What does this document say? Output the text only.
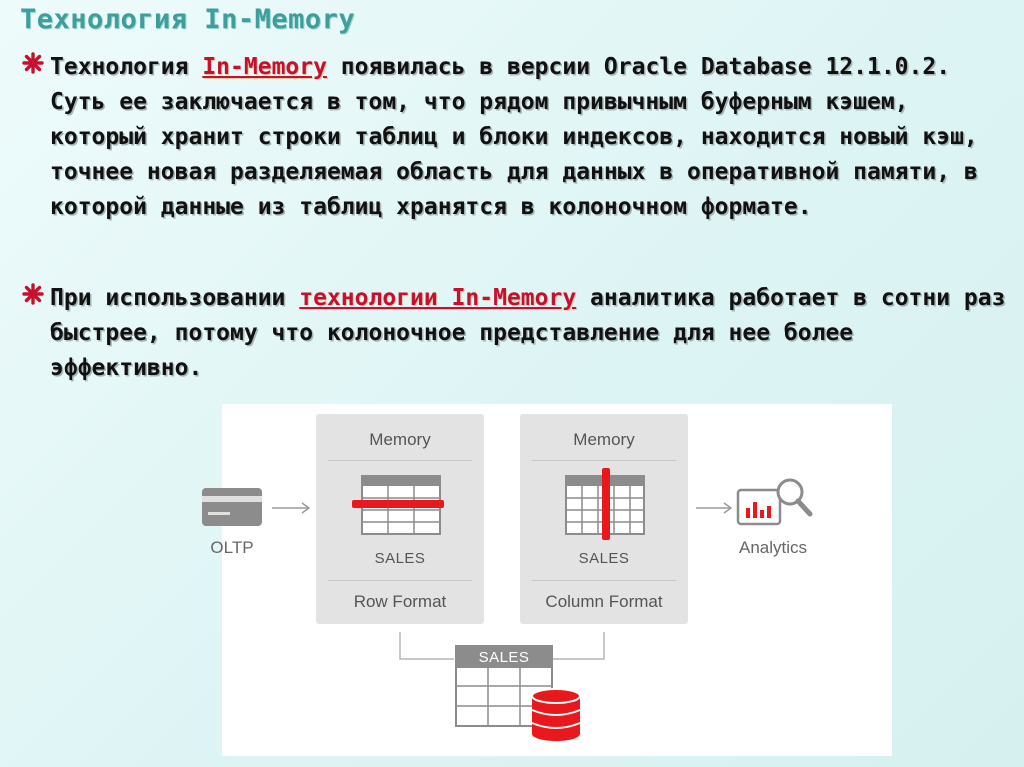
Технология In-Memory

Технология In-Memory появилась в версии Oracle Database 12.1.0.2. Суть ее заключается в том, что рядом привычным буферным кэшем, который хранит строки таблиц и блоки индексов, находится новый кэш, точнее новая разделяемая область для данных в оперативной памяти, в которой данные из таблиц хранятся в колоночном формате.

При использовании технологии In-Memory аналитика работает в сотни раз быстрее, потому что колоночное представление для нее более эффективно.

OLTP
Memory
SALES
Row Format
Memory
SALES
Column Format
Analytics
SALES
